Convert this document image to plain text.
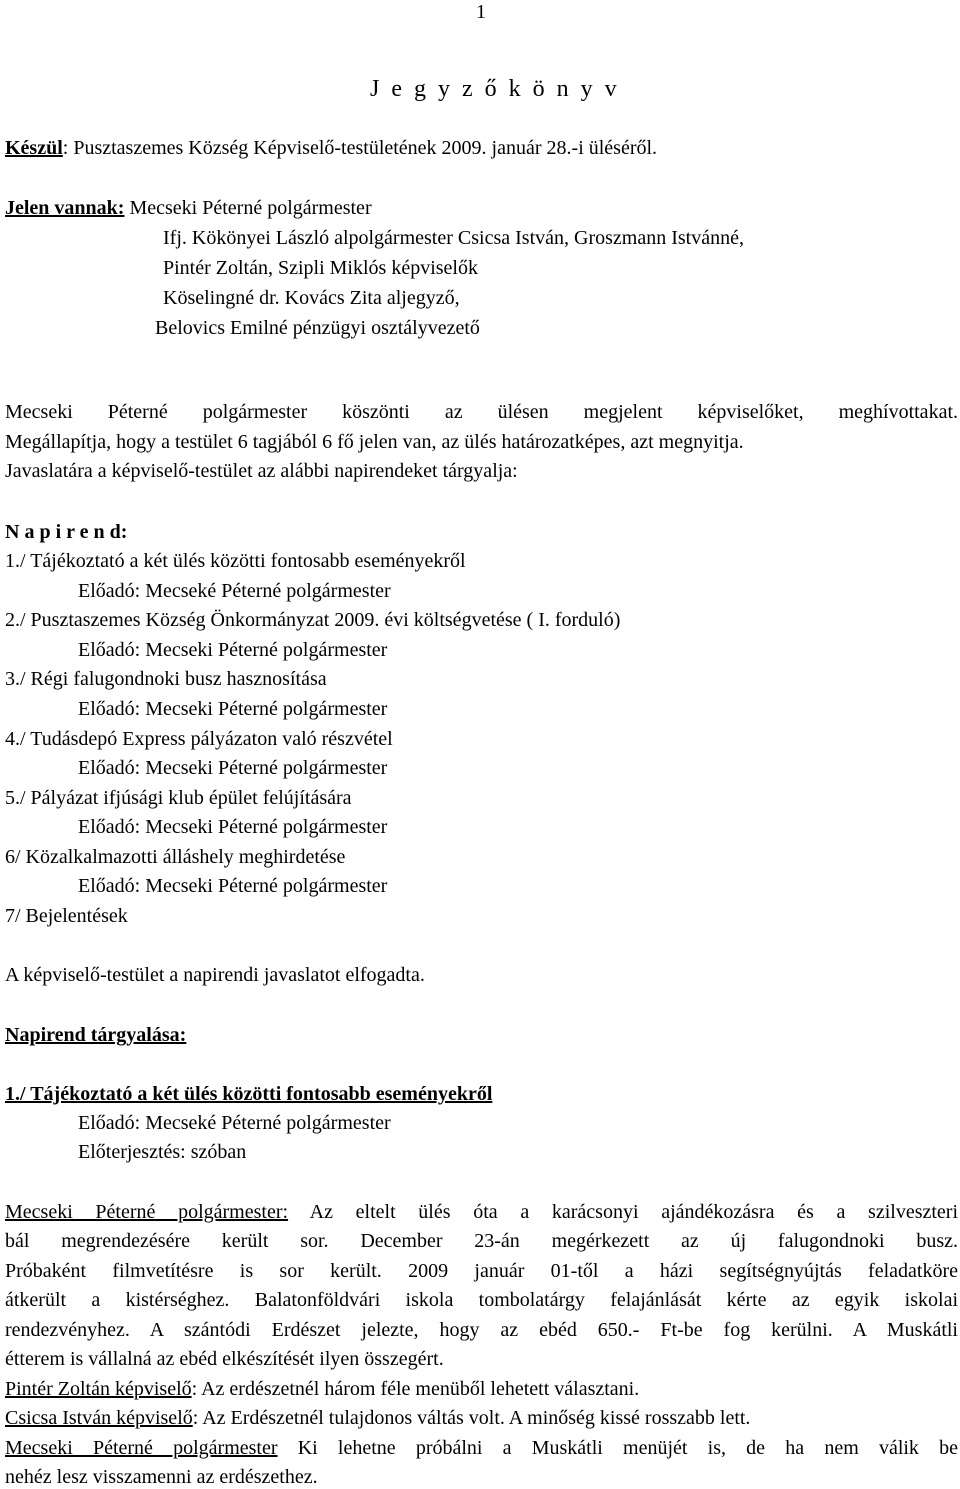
1
J e g y z ő k ö n y v
Készül: Pusztaszemes Község Képviselő-testületének 2009. január 28.-i üléséről.
Jelen vannak: Mecseki Péterné polgármester
Ifj. Kökönyei László alpolgármester Csicsa István, Groszmann Istvánné,
Pintér Zoltán, Szipli Miklós képviselők
Köselingné dr. Kovács Zita aljegyző,
Belovics Emilné pénzügyi osztályvezető
Mecseki Péterné polgármester köszönti az ülésen megjelent képviselőket, meghívottakat.
Megállapítja, hogy a testület 6 tagjából 6 fő jelen van, az ülés határozatképes, azt megnyitja.
Javaslatára a képviselő-testület az alábbi napirendeket tárgyalja:
N a p i r e n d:
1./ Tájékoztató a két ülés közötti fontosabb eseményekről
Előadó: Mecseké Péterné polgármester
2./ Pusztaszemes Község Önkormányzat 2009. évi költségvetése ( I. forduló)
Előadó: Mecseki Péterné polgármester
3./ Régi falugondnoki busz hasznosítása
Előadó: Mecseki Péterné polgármester
4./ Tudásdepó Express pályázaton való részvétel
Előadó: Mecseki Péterné polgármester
5./ Pályázat ifjúsági klub épület felújítására
Előadó: Mecseki Péterné polgármester
6/ Közalkalmazotti álláshely meghirdetése
Előadó: Mecseki Péterné polgármester
7/ Bejelentések
A képviselő-testület a napirendi javaslatot elfogadta.
Napirend tárgyalása:
1./ Tájékoztató a két ülés közötti fontosabb eseményekről
Előadó: Mecseké Péterné polgármester
Előterjesztés: szóban
Mecseki Péterné polgármester: Az eltelt ülés óta a karácsonyi ajándékozásra és a szilveszteri
bál megrendezésére került sor. December 23-án megérkezett az új falugondnoki busz.
Próbaként filmvetítésre is sor került. 2009 január 01-től a házi segítségnyújtás feladatköre
átkerült a kistérséghez. Balatonföldvári iskola tombolatárgy felajánlását kérte az egyik iskolai
rendezvényhez. A szántódi Erdészet jelezte, hogy az ebéd 650.- Ft-be fog kerülni. A Muskátli
étterem is vállalná az ebéd elkészítését ilyen összegért.
Pintér Zoltán képviselő: Az erdészetnél három féle menüből lehetett választani.
Csicsa István képviselő: Az Erdészetnél tulajdonos váltás volt. A minőség kissé rosszabb lett.
Mecseki Péterné polgármester Ki lehetne próbálni a Muskátli menüjét is, de ha nem válik be
nehéz lesz visszamenni az erdészethez.
